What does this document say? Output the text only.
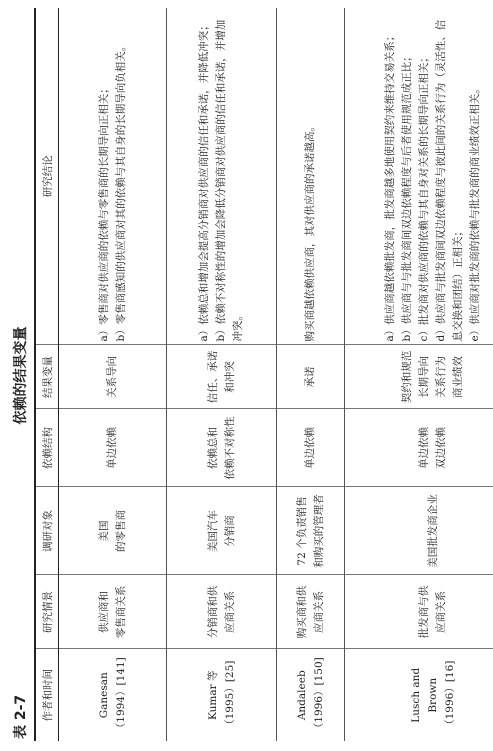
表 2-7
依赖的结果变量
作者和时间	研究情景	调研对象	依赖结构	结果变量	研究结论

Ganesan （1994）[141]	供应商和 零售商关系	美国 的零售商	单边依赖	关系导向	a）零售商对供应商的依赖与零售商的长期导向正相关； b）零售商感知的供应商对其的依赖与其自身的长期导向负相关。

Kumar 等 （1995）[25]	分销商和供 应商关系	美国汽车 分销商	依赖总和 依赖不对称性	信任、承诺 和冲突	a）依赖总和增加会提高分销商对供应商的信任和承诺，并降低冲突； b）依赖不对称性的增加会降低分销商对供应商的信任和承诺，并增加冲突。

Andaleeb （1996）[150]	购买商和供 应商关系	72 个负责销售 和购买的管理者	单边依赖	承诺	购买商越依赖供应商，其对供应商的承诺越高。

Lusch and Brown （1996）[16]	批发商与供 应商关系	美国批发商企业	单边依赖 双边依赖	契约和规范 长期导向 关系行为 商业绩效	a）供应商越依赖批发商，批发商越多地使用契约来维持交易关系； b）供应商与与批发商间双边依赖程度与后者使用规范成正比； c）批发商对供应商的依赖与其自身对关系的长期导向正相关； d）供应商与批发商间双边依赖程度与彼此间的关系行为（灵活性、信息交换和团结）正相关； e）供应商对批发商的依赖与批发商的商业绩效正相关。
